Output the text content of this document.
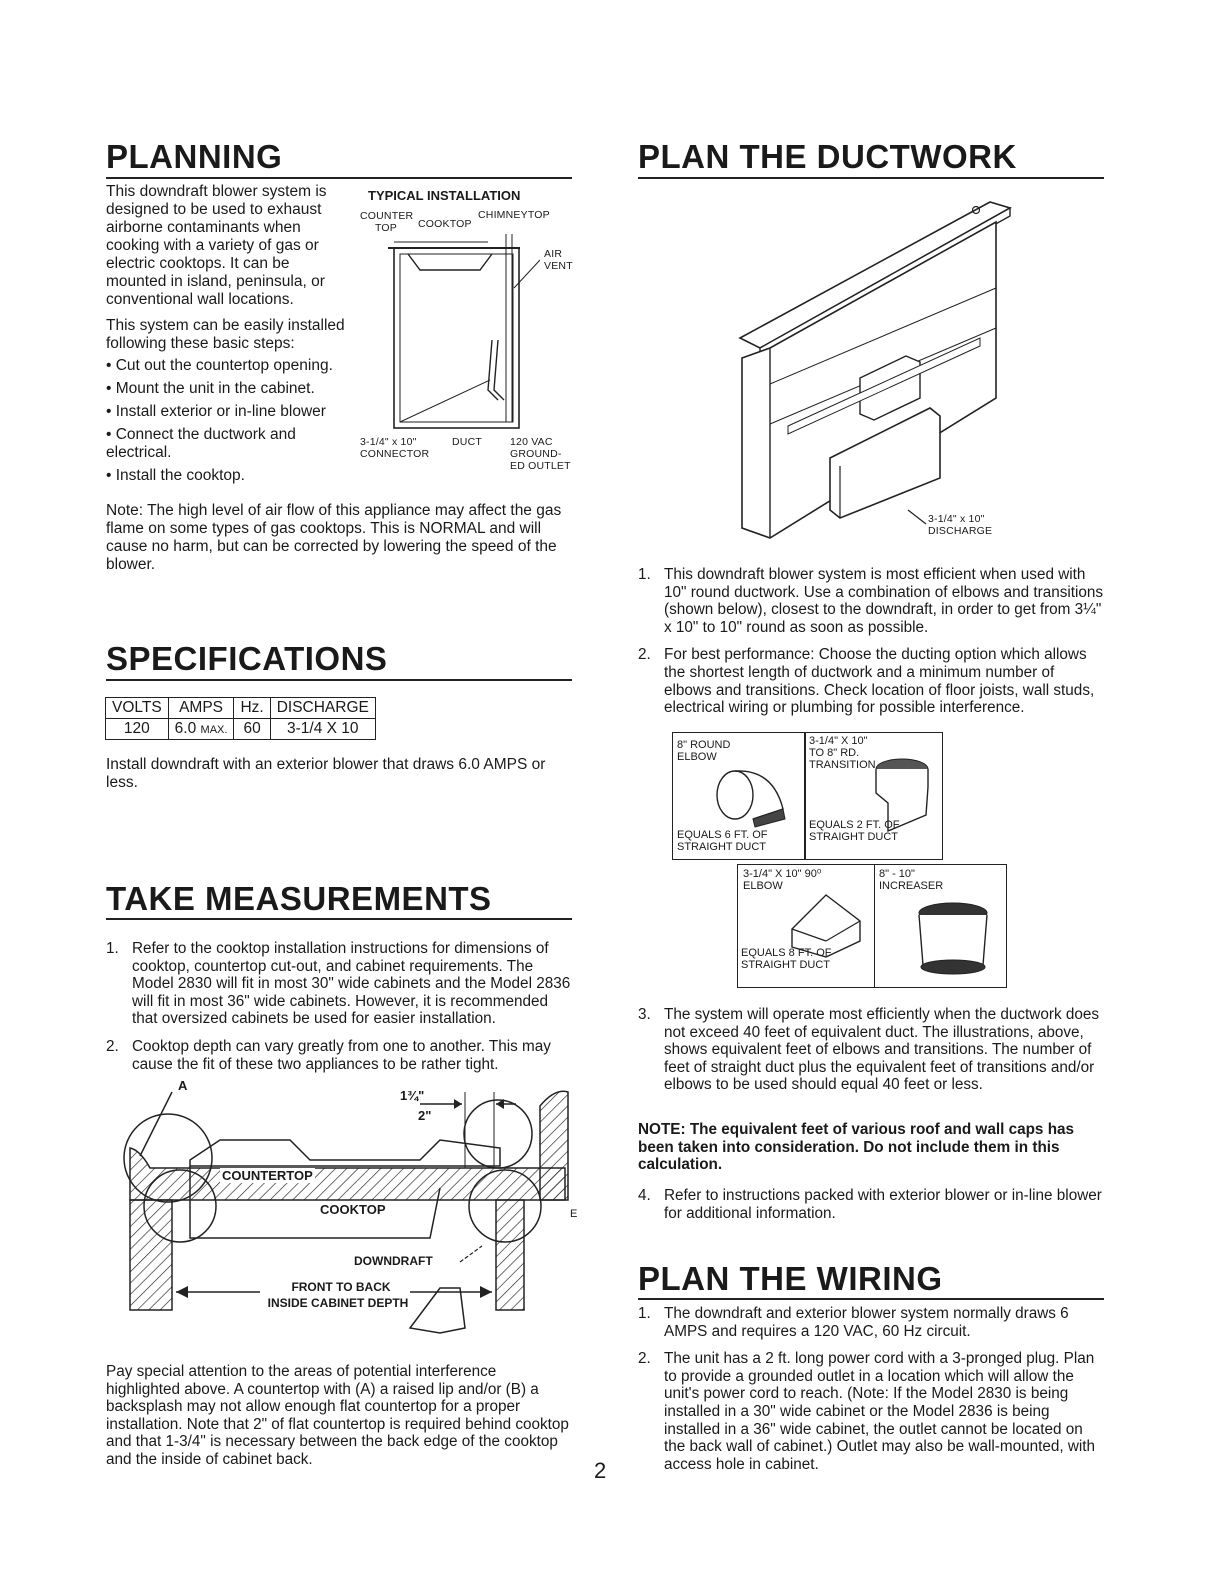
PLANNING

This downdraft blower system is designed to be used to exhaust airborne contaminants when cooking with a variety of gas or electric cooktops. It can be mounted in island, peninsula, or conventional wall locations.

This system can be easily installed following these basic steps:

• Cut out the countertop opening.
• Mount the unit in the cabinet.
• Install exterior or in-line blower
• Connect the ductwork and electrical.
• Install the cooktop.
TYPICAL INSTALLATION
COUNTER TOP	COOKTOP
CHIMNEYTOP
AIR VENT
3-1/4" x 10" CONNECTOR
DUCT	120 VAC GROUND-ED OUTLET

Note: The high level of air flow of this appliance may affect the gas flame on some types of gas cooktops. This is NORMAL and will cause no harm, but can be corrected by lowering the speed of the blower.

SPECIFICATIONS
VOLTS	AMPS	Hz.	DISCHARGE
120	6.0 MAX.	60	3-1/4 X 10

Install downdraft with an exterior blower that draws 6.0 AMPS or less.

TAKE MEASUREMENTS
1. Refer to the cooktop installation instructions for dimensions of cooktop, countertop cut-out, and cabinet requirements. The Model 2830 will fit in most 30" wide cabinets and the Model 2836 will fit in most 36" wide cabinets. However, it is recommended that oversized cabinets be used for easier installation.
2. Cooktop depth can vary greatly from one to another. This may cause the fit of these two appliances to be rather tight.
A
E
1¾"
2"
COUNTERTOP
COOKTOP
DOWNDRAFT
FRONT TO BACK
INSIDE CABINET DEPTH

Pay special attention to the areas of potential interference highlighted above. A countertop with (A) a raised lip and/or (B) a backsplash may not allow enough flat countertop for a proper installation. Note that 2" of flat countertop is required behind cooktop and that 1-3/4" is necessary between the back edge of the cooktop and the inside of cabinet back.	2
PLAN THE DUCTWORK
3-1/4" x 10" DISCHARGE
1. This downdraft blower system is most efficient when used with 10" round ductwork. Use a combination of elbows and transitions (shown below), closest to the downdraft, in order to get from 3¼" x 10" to 10" round as soon as possible.
2. For best performance: Choose the ducting option which allows the shortest length of ductwork and a minimum number of elbows and transitions. Check location of floor joists, wall studs, electrical wiring or plumbing for possible interference.
8" ROUND ELBOW
EQUALS 6 FT. OF STRAIGHT DUCT
3-1/4" X 10" TO 8" RD. TRANSITION
EQUALS 2 FT. OF STRAIGHT DUCT
3-1/4" X 10" 90⁰ ELBOW
EQUALS 8 FT. OF STRAIGHT DUCT
8" - 10" INCREASER
3. The system will operate most efficiently when the ductwork does not exceed 40 feet of equivalent duct. The illustrations, above, shows equivalent feet of elbows and transitions. The number of feet of straight duct plus the equivalent feet of transitions and/or elbows to be used should equal 40 feet or less.

NOTE: The equivalent feet of various roof and wall caps has been taken into consideration. Do not include them in this calculation.

4. Refer to instructions packed with exterior blower or in-line blower for additional information.
PLAN THE WIRING
1. The downdraft and exterior blower system normally draws 6 AMPS and requires a 120 VAC, 60 Hz circuit.
2. The unit has a 2 ft. long power cord with a 3-pronged plug. Plan to provide a grounded outlet in a location which will allow the unit's power cord to reach. (Note: If the Model 2830 is being installed in a 30" wide cabinet or the Model 2836 is being installed in a 36" wide cabinet, the outlet cannot be located on the back wall of cabinet.) Outlet may also be wall-mounted, with access hole in cabinet.
